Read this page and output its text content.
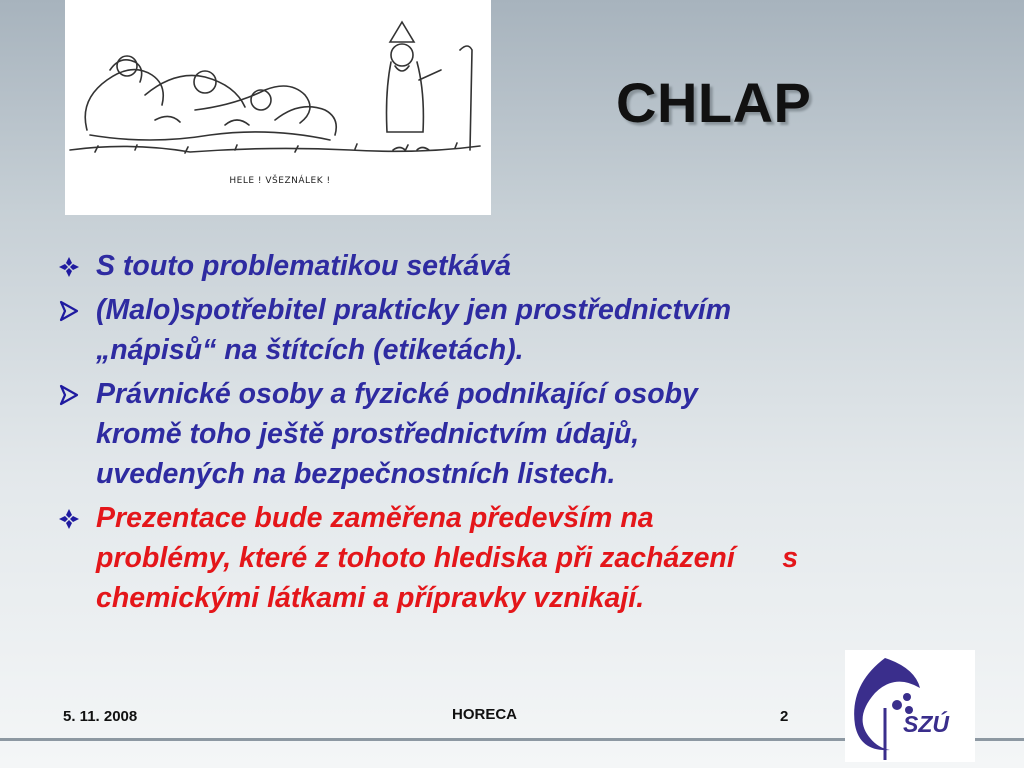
HELE ! VŠEZNÁLEK !
CHLAP
S touto problematikou setkává
(Malo)spotřebitel prakticky jen prostřednictvím
„nápisů“ na štítcích (etiketách).
Právnické osoby a fyzické podnikající osoby
kromě toho ještě prostřednictvím údajů,
uvedených na bezpečnostních listech.
Prezentace bude zaměřena především na
problémy, které z tohoto hlediska při zacházení      s
chemickými látkami a přípravky vznikají.
5. 11. 2008	HORECA	2	SZÚ
